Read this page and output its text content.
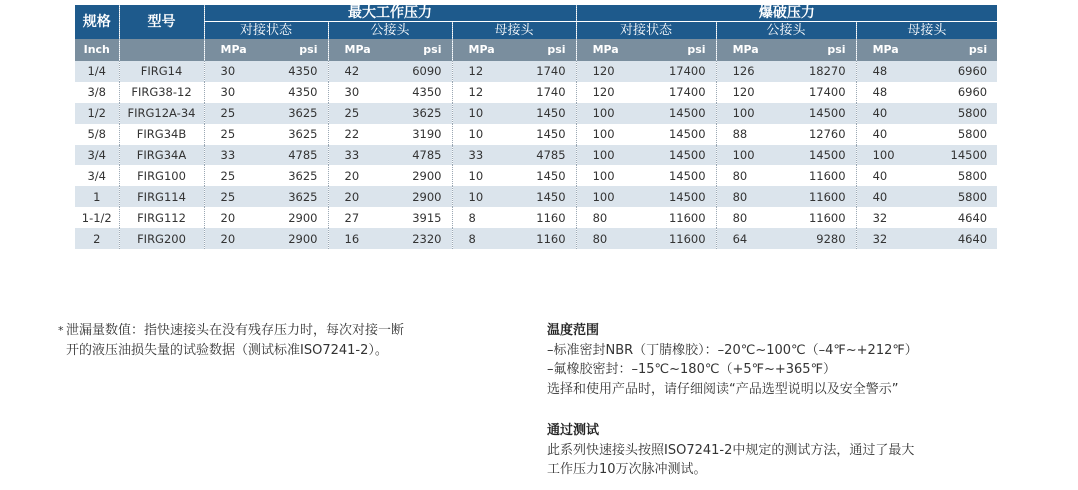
规格	型号	最大工作压力						爆破压力					
		对接状态		公接头		母接头		对接状态		公接头		母接头	
Inch		MPa	psi	MPa	psi	MPa	psi	MPa	psi	MPa	psi	MPa	psi
1/4	FIRG14	30	4350	42	6090	12	1740	120	17400	126	18270	48	6960
3/8	FIRG38-12	30	4350	30	4350	12	1740	120	17400	120	17400	48	6960
1/2	FIRG12A-34	25	3625	25	3625	10	1450	100	14500	100	14500	40	5800
5/8	FIRG34B	25	3625	22	3190	10	1450	100	14500	88	12760	40	5800
3/4	FIRG34A	33	4785	33	4785	33	4785	100	14500	100	14500	100	14500
3/4	FIRG100	25	3625	20	2900	10	1450	100	14500	80	11600	40	5800
1	FIRG114	25	3625	20	2900	10	1450	100	14500	80	11600	40	5800
1-1/2	FIRG112	20	2900	27	3915	8	1160	80	11600	80	11600	32	4640
2	FIRG200	20	2900	16	2320	8	1160	80	11600	64	9280	32	4640
* 泄漏量数值：指快速接头在没有残存压力时，每次对接一断
开的液压油损失量的试验数据（测试标准ISO7241-2）。
温度范围
–标准密封NBR（丁腈橡胶）：–20℃~100℃（–4℉~+212℉）
–氟橡胶密封：–15℃~180℃（+5℉~+365℉）
选择和使用产品时，请仔细阅读“产品选型说明以及安全警示”
通过测试
此系列快速接头按照ISO7241-2中规定的测试方法，通过了最大
工作压力10万次脉冲测试。
